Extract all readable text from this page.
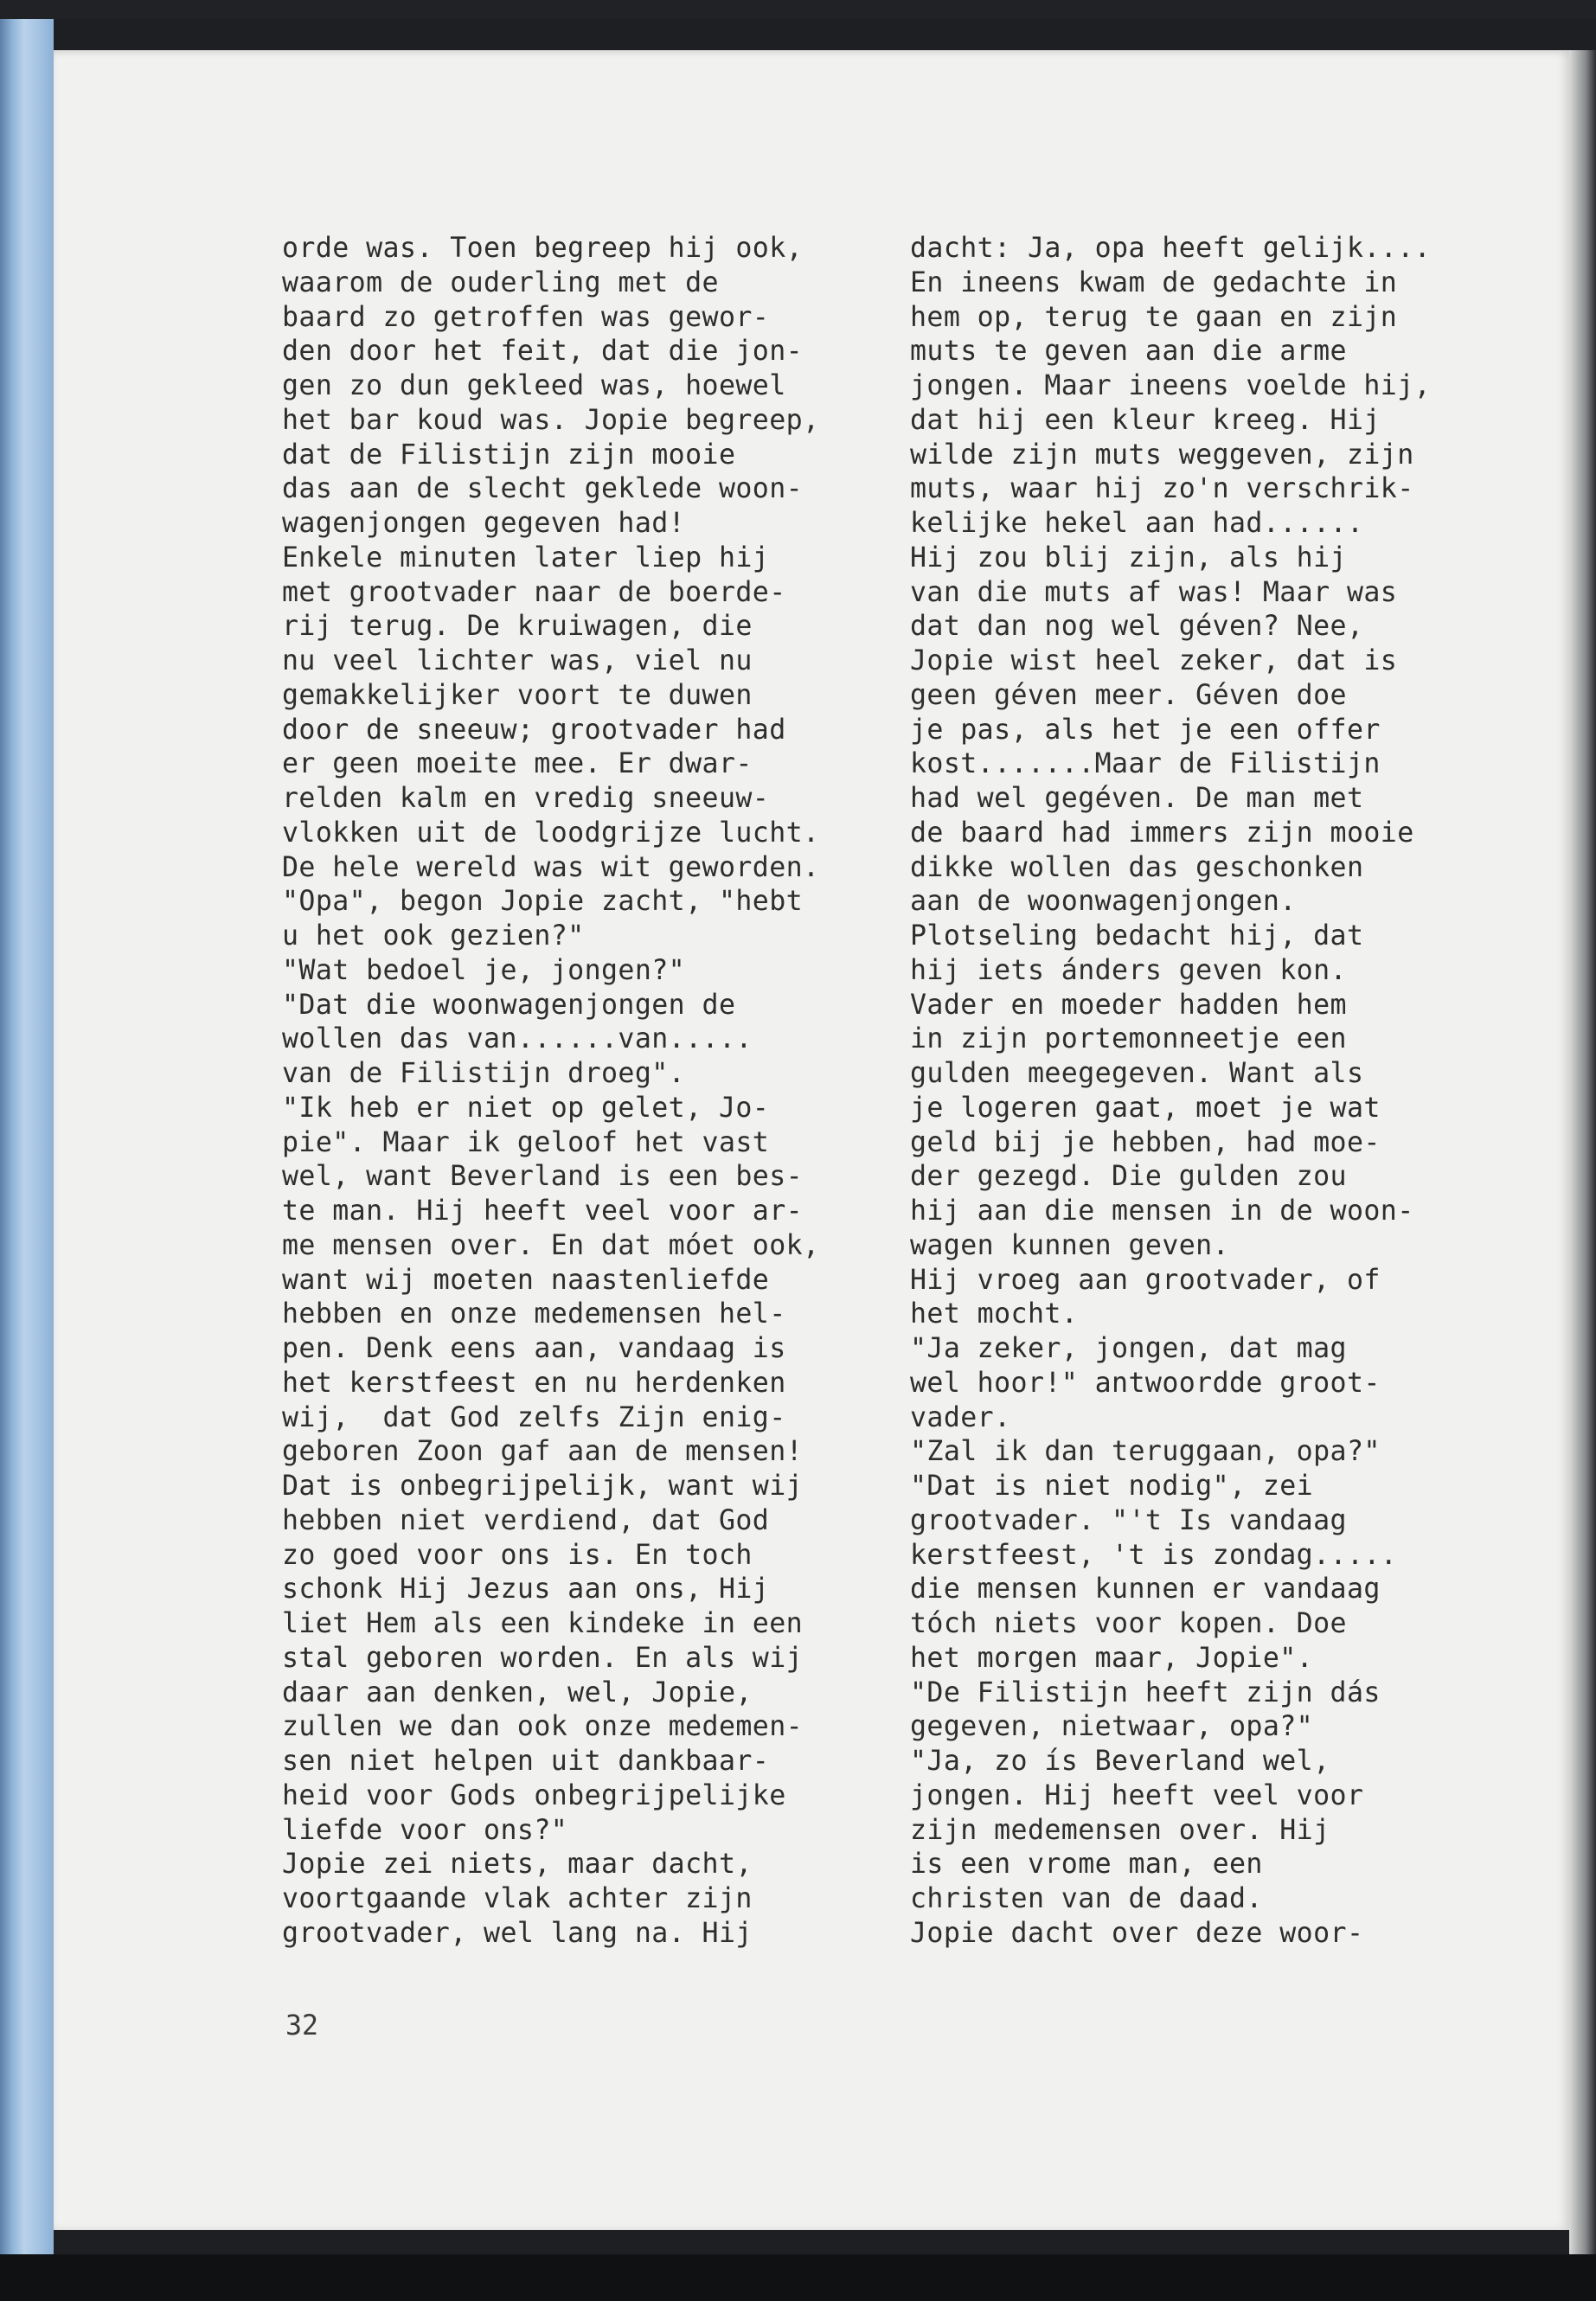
orde was. Toen begreep hij ook,
waarom de ouderling met de
baard zo getroffen was gewor-
den door het feit, dat die jon-
gen zo dun gekleed was, hoewel
het bar koud was. Jopie begreep,
dat de Filistijn zijn mooie
das aan de slecht geklede woon-
wagenjongen gegeven had!
Enkele minuten later liep hij
met grootvader naar de boerde-
rij terug. De kruiwagen, die
nu veel lichter was, viel nu
gemakkelijker voort te duwen
door de sneeuw; grootvader had
er geen moeite mee. Er dwar-
relden kalm en vredig sneeuw-
vlokken uit de loodgrijze lucht.
De hele wereld was wit geworden.
"Opa", begon Jopie zacht, "hebt
u het ook gezien?"
"Wat bedoel je, jongen?"
"Dat die woonwagenjongen de
wollen das van......van.....
van de Filistijn droeg".
"Ik heb er niet op gelet, Jo-
pie". Maar ik geloof het vast
wel, want Beverland is een bes-
te man. Hij heeft veel voor ar-
me mensen over. En dat móet ook,
want wij moeten naastenliefde
hebben en onze medemensen hel-
pen. Denk eens aan, vandaag is
het kerstfeest en nu herdenken
wij,  dat God zelfs Zijn enig-
geboren Zoon gaf aan de mensen!
Dat is onbegrijpelijk, want wij
hebben niet verdiend, dat God
zo goed voor ons is. En toch
schonk Hij Jezus aan ons, Hij
liet Hem als een kindeke in een
stal geboren worden. En als wij
daar aan denken, wel, Jopie,
zullen we dan ook onze medemen-
sen niet helpen uit dankbaar-
heid voor Gods onbegrijpelijke
liefde voor ons?"
Jopie zei niets, maar dacht,
voortgaande vlak achter zijn
grootvader, wel lang na. Hij
dacht: Ja, opa heeft gelijk....
En ineens kwam de gedachte in
hem op, terug te gaan en zijn
muts te geven aan die arme
jongen. Maar ineens voelde hij,
dat hij een kleur kreeg. Hij
wilde zijn muts weggeven, zijn
muts, waar hij zo'n verschrik-
kelijke hekel aan had......
Hij zou blij zijn, als hij
van die muts af was! Maar was
dat dan nog wel géven? Nee,
Jopie wist heel zeker, dat is
geen géven meer. Géven doe
je pas, als het je een offer
kost.......Maar de Filistijn
had wel gegéven. De man met
de baard had immers zijn mooie
dikke wollen das geschonken
aan de woonwagenjongen.
Plotseling bedacht hij, dat
hij iets ánders geven kon.
Vader en moeder hadden hem
in zijn portemonneetje een
gulden meegegeven. Want als
je logeren gaat, moet je wat
geld bij je hebben, had moe-
der gezegd. Die gulden zou
hij aan die mensen in de woon-
wagen kunnen geven.
Hij vroeg aan grootvader, of
het mocht.
"Ja zeker, jongen, dat mag
wel hoor!" antwoordde groot-
vader.
"Zal ik dan teruggaan, opa?"
"Dat is niet nodig", zei
grootvader. "'t Is vandaag
kerstfeest, 't is zondag.....
die mensen kunnen er vandaag
tóch niets voor kopen. Doe
het morgen maar, Jopie".
"De Filistijn heeft zijn dás
gegeven, nietwaar, opa?"
"Ja, zo ís Beverland wel,
jongen. Hij heeft veel voor
zijn medemensen over. Hij
is een vrome man, een
christen van de daad.
Jopie dacht over deze woor-
32
